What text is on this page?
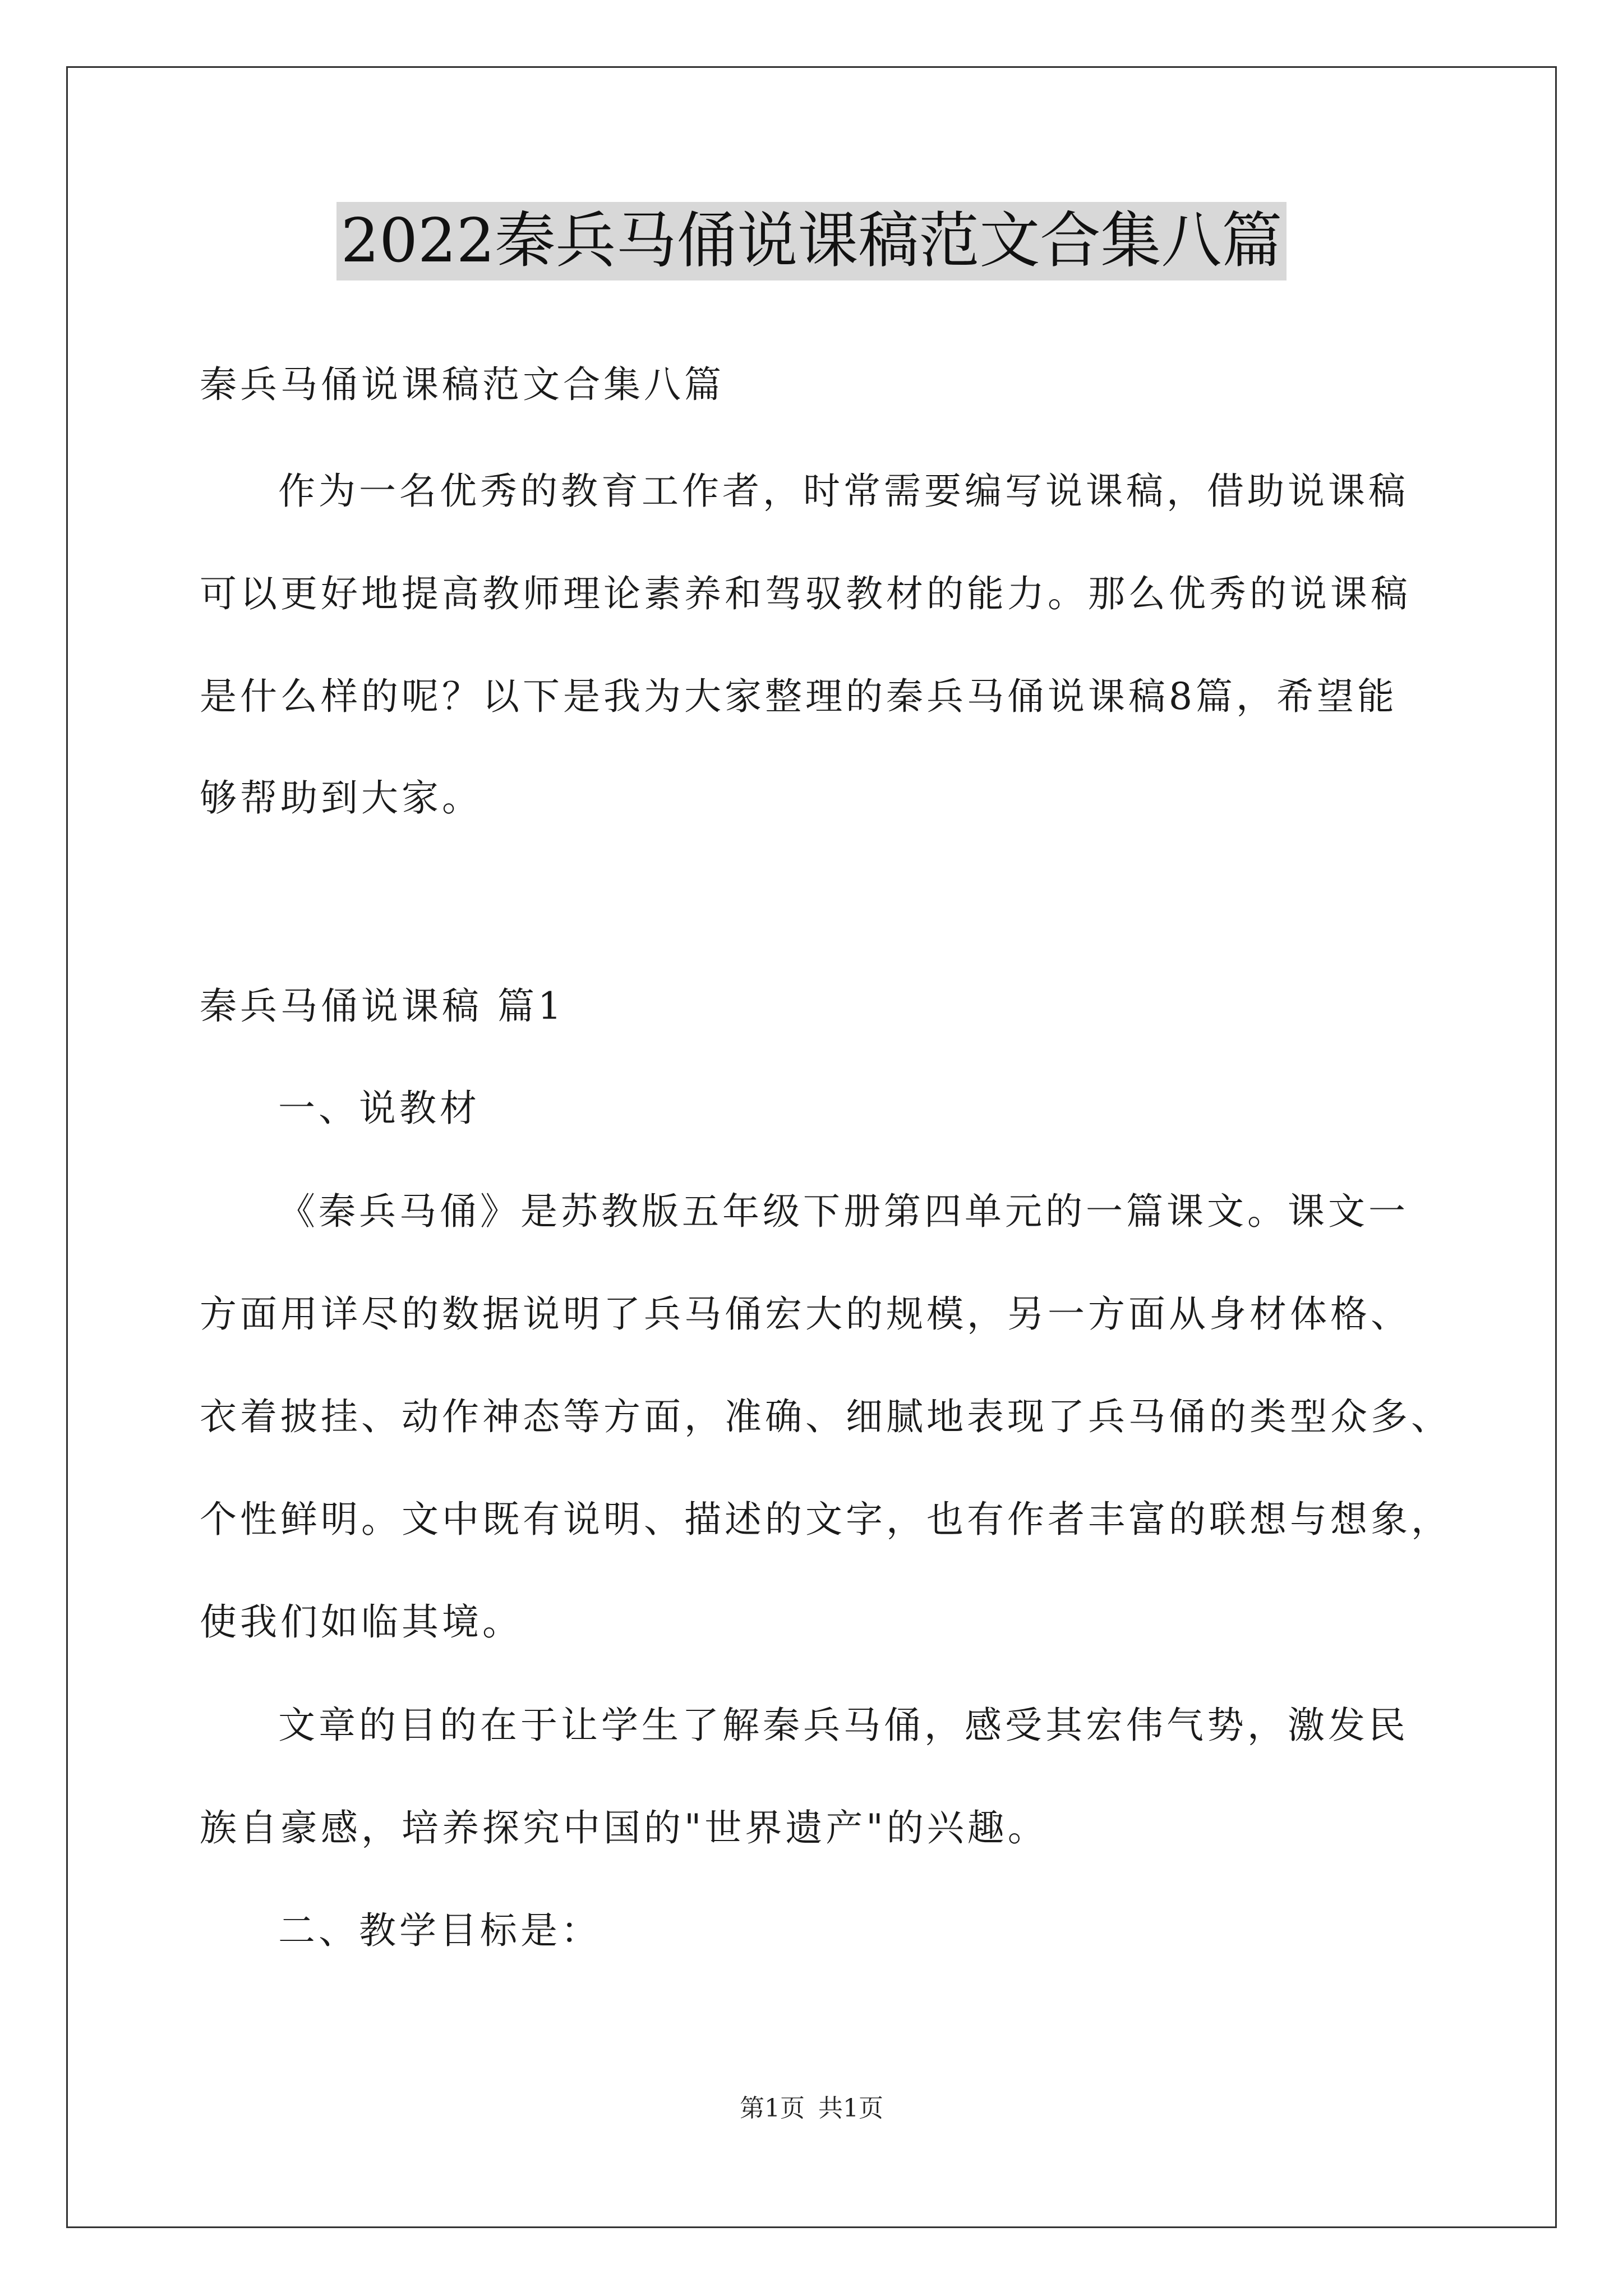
2022秦兵马俑说课稿范文合集八篇
秦兵马俑说课稿范文合集八篇
作为一名优秀的教育工作者，时常需要编写说课稿，借助说课稿
可以更好地提高教师理论素养和驾驭教材的能力。那么优秀的说课稿
是什么样的呢？以下是我为大家整理的秦兵马俑说课稿8篇，希望能
够帮助到大家。
秦兵马俑说课稿 篇1
一、说教材
《秦兵马俑》是苏教版五年级下册第四单元的一篇课文。课文一
方面用详尽的数据说明了兵马俑宏大的规模，另一方面从身材体格、
衣着披挂、动作神态等方面，准确、细腻地表现了兵马俑的类型众多、
个性鲜明。文中既有说明、描述的文字，也有作者丰富的联想与想象，
使我们如临其境。
文章的目的在于让学生了解秦兵马俑，感受其宏伟气势，激发民
族自豪感，培养探究中国的"世界遗产"的兴趣。
二、教学目标是：
第1页 共1页
